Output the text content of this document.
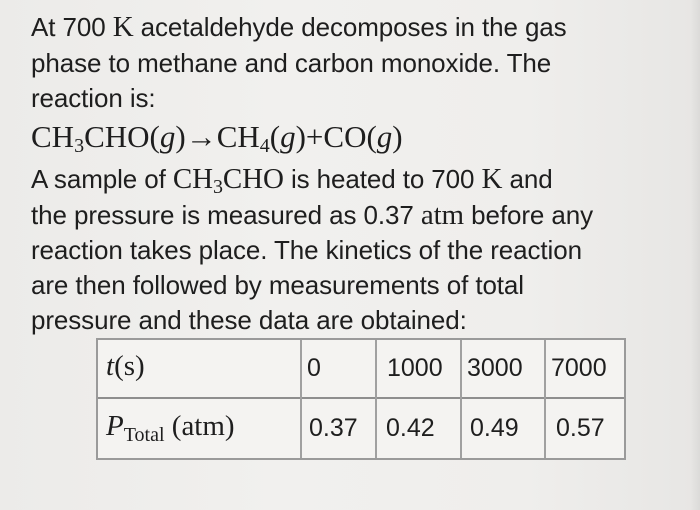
At 700 K acetaldehyde decomposes in the gas
phase to methane and carbon monoxide. The
reaction is:
$CH_3CHO(g)\to CH_4(g)+CO(g)$
A sample of $CH_3CHO$ is heated to 700 K and
the pressure is measured as 0.37 atm before any
reaction takes place. The kinetics of the reaction
are then followed by measurements of total
pressure and these data are obtained:
t(s)	0	1000 3000 7000
$P_{Total}$ (atm)	0.37 0.42 0.49 0.57
